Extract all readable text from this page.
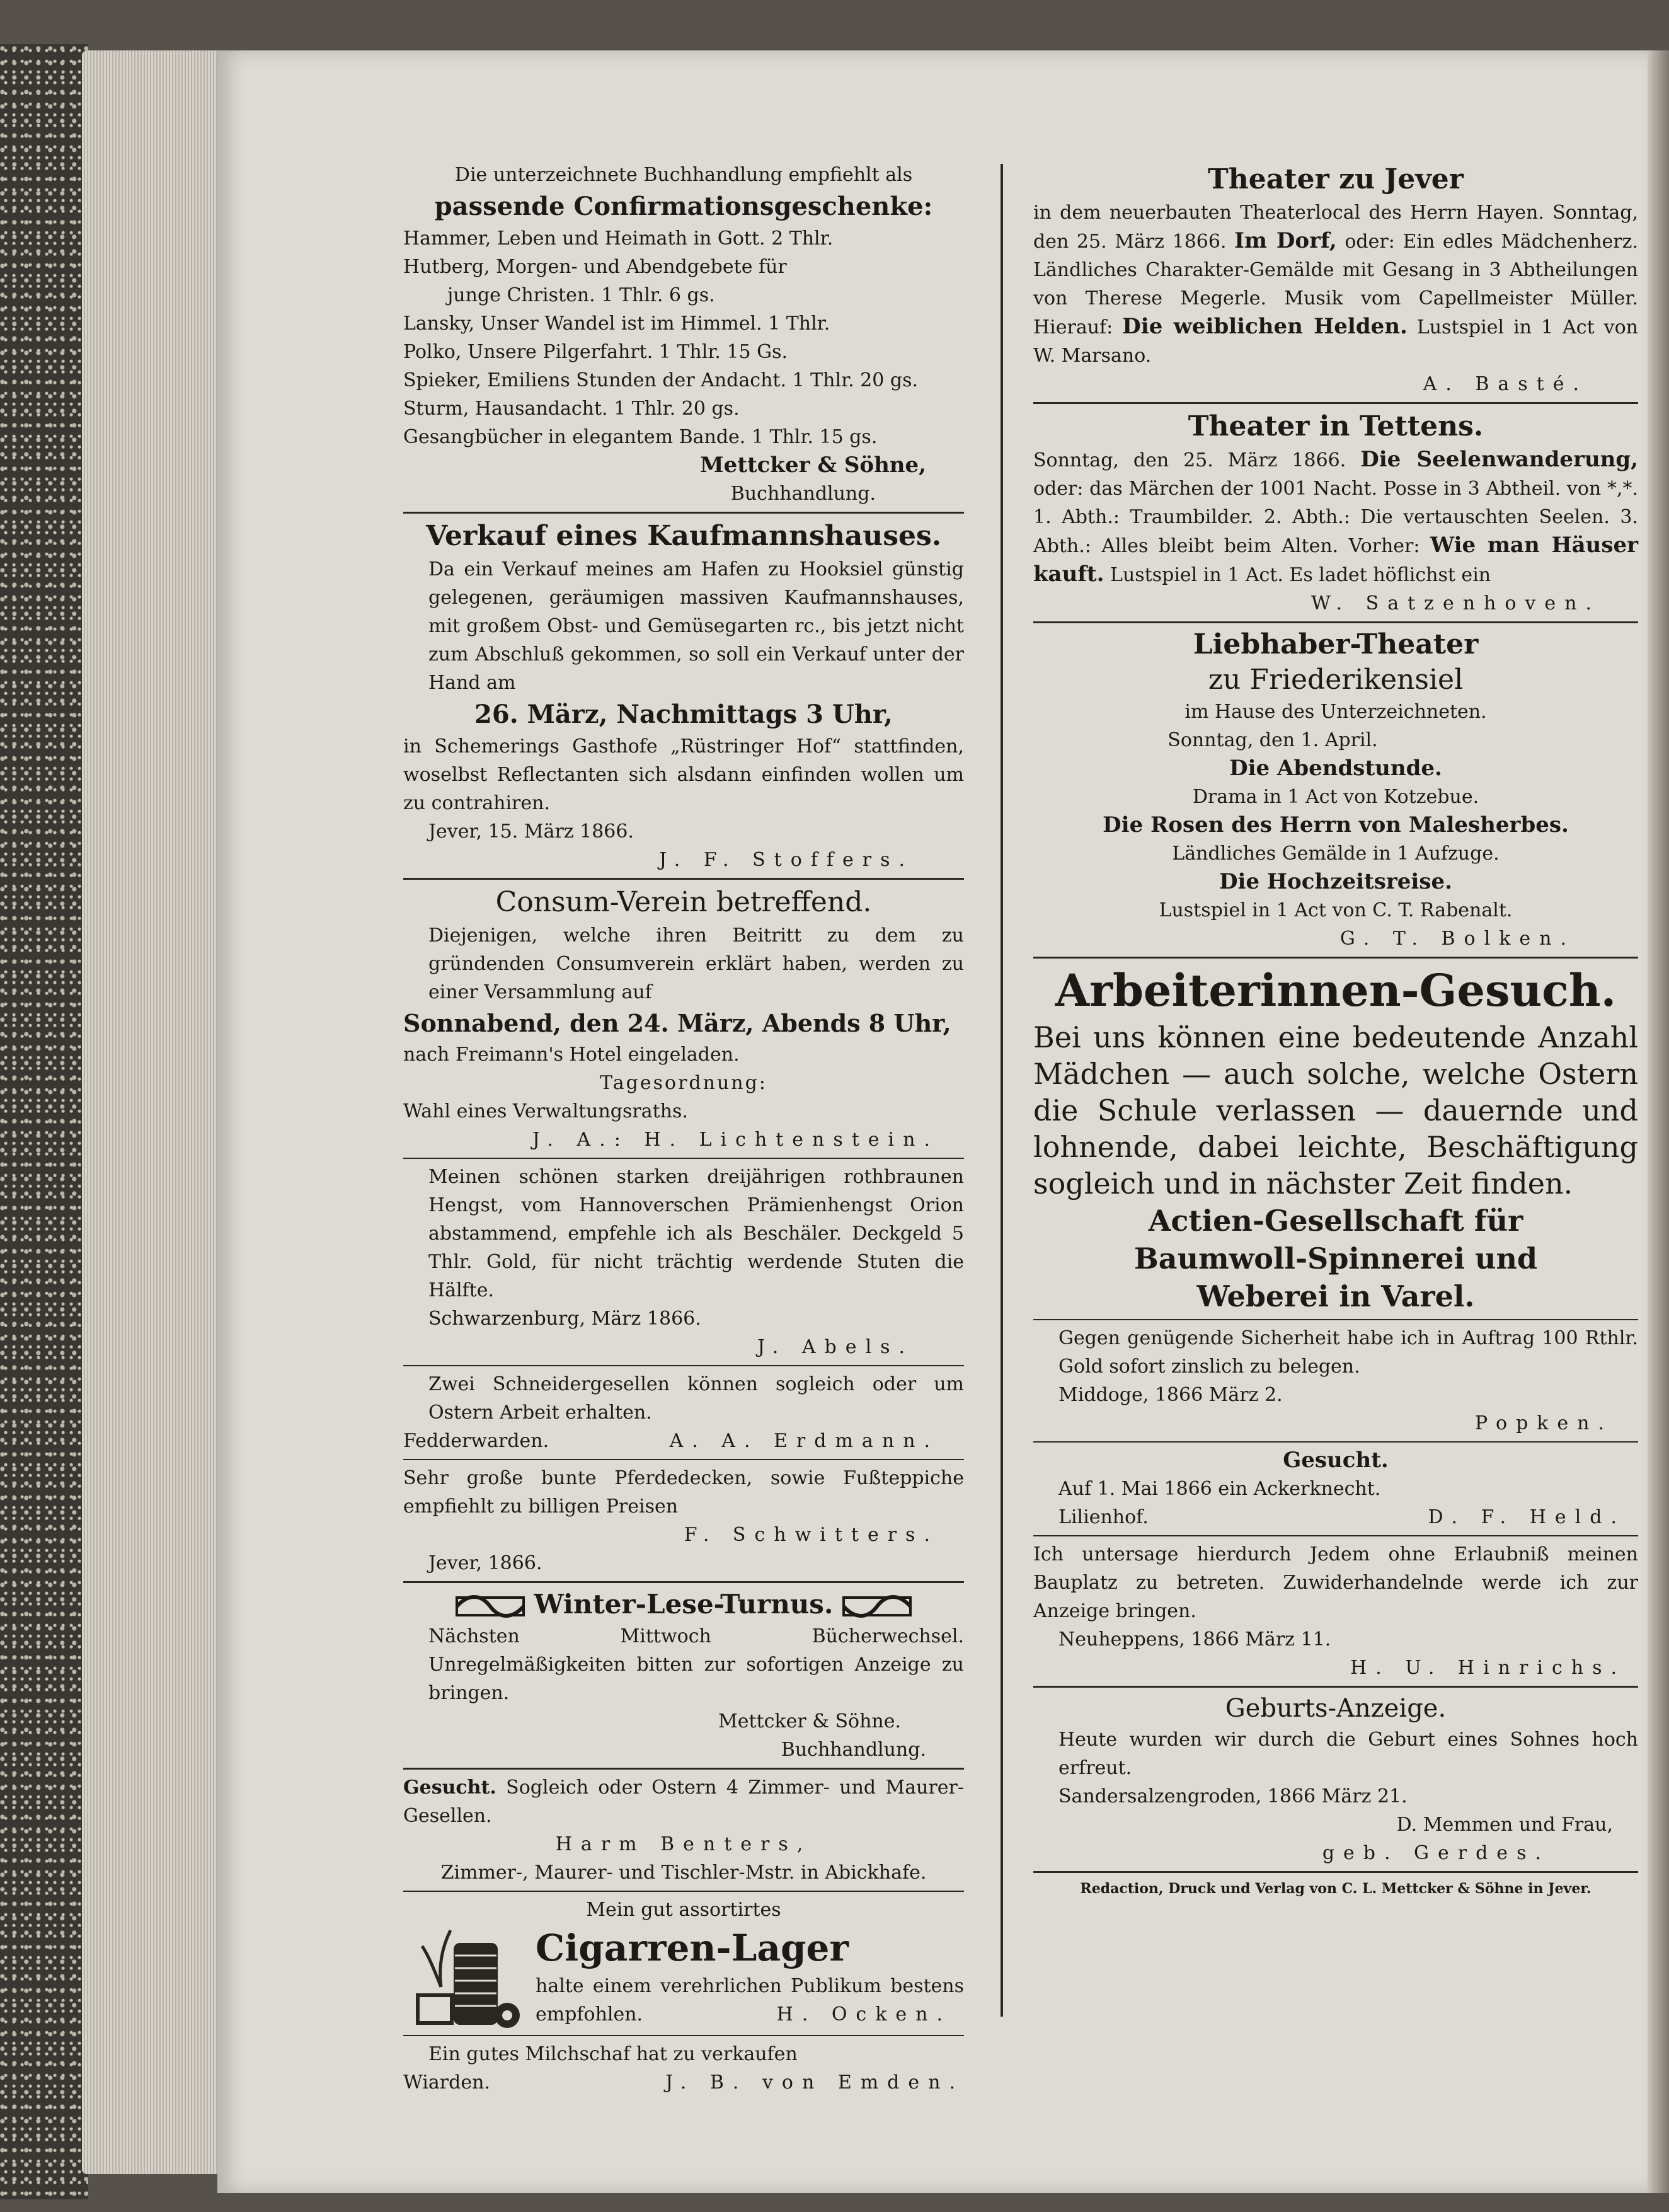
Die unterzeichnete Buchhandlung empfiehlt als

passende Confirmationsgeschenke:

Hammer, Leben und Heimath in Gott. 2 Thlr.

Hutberg, Morgen- und Abendgebete für

junge Christen. 1 Thlr. 6 gs.

Lansky, Unser Wandel ist im Himmel. 1 Thlr.

Polko, Unsere Pilgerfahrt. 1 Thlr. 15 Gs.

Spieker, Emiliens Stunden der Andacht. 1 Thlr. 20 gs.

Sturm, Hausandacht. 1 Thlr. 20 gs.

Gesangbücher in elegantem Bande. 1 Thlr. 15 gs.

Mettcker & Söhne,

Buchhandlung.

Verkauf eines Kaufmannshauses.

Da ein Verkauf meines am Hafen zu Hooksiel günstig gelegenen, geräumigen massiven Kaufmannshauses, mit großem Obst- und Gemüsegarten rc., bis jetzt nicht zum Abschluß gekommen, so soll ein Verkauf unter der Hand am

26. März, Nachmittags 3 Uhr,

in Schemerings Gasthofe „Rüstringer Hof“ stattfinden, woselbst Reflectanten sich alsdann einfinden wollen um zu contrahiren.

Jever, 15. März 1866.

J. F. Stoffers.

Consum-Verein betreffend.

Diejenigen, welche ihren Beitritt zu dem zu gründenden Consumverein erklärt haben, werden zu einer Versammlung auf

Sonnabend, den 24. März, Abends 8 Uhr,

nach Freimann's Hotel eingeladen.

Tagesordnung:

Wahl eines Verwaltungsraths.

J. A.: H. Lichtenstein.

Meinen schönen starken dreijährigen rothbraunen Hengst, vom Hannoverschen Prämienhengst Orion abstammend, empfehle ich als Beschäler. Deckgeld 5 Thlr. Gold, für nicht trächtig werdende Stuten die Hälfte.

Schwarzenburg, März 1866.

J. Abels.

Zwei Schneidergesellen können sogleich oder um Ostern Arbeit erhalten.

Fedderwarden.	A. A. Erdmann.

Sehr große bunte Pferdedecken, sowie Fußteppiche empfiehlt zu billigen Preisen

F. Schwitters.

Jever, 1866.

Winter-Lese-Turnus.

Nächsten Mittwoch Bücherwechsel. Unregelmäßigkeiten bitten zur sofortigen Anzeige zu bringen.

Mettcker & Söhne.

Buchhandlung.

Gesucht. Sogleich oder Ostern 4 Zimmer- und Maurer-Gesellen.

Harm Benters,

Zimmer-, Maurer- und Tischler-Mstr. in Abickhafe.

Mein gut assortirtes

Cigarren-Lager

halte einem verehrlichen Publikum bestens empfohlen.	H. Ocken.

Ein gutes Milchschaf hat zu verkaufen

Wiarden.	J. B. von Emden.

Theater zu Jever

in dem neuerbauten Theaterlocal des Herrn Hayen. Sonntag, den 25. März 1866. Im Dorf, oder: Ein edles Mädchenherz. Ländliches Charakter-Gemälde mit Gesang in 3 Abtheilungen von Therese Megerle. Musik vom Capellmeister Müller. Hierauf: Die weiblichen Helden. Lustspiel in 1 Act von W. Marsano.

A. Basté.

Theater in Tettens.

Sonntag, den 25. März 1866. Die Seelenwanderung, oder: das Märchen der 1001 Nacht. Posse in 3 Abtheil. von *,*. 1. Abth.: Traumbilder. 2. Abth.: Die vertauschten Seelen. 3. Abth.: Alles bleibt beim Alten. Vorher: Wie man Häuser kauft. Lustspiel in 1 Act. Es ladet höflichst ein

W. Satzenhoven.

Liebhaber-Theater

zu Friederikensiel

im Hause des Unterzeichneten.

Sonntag, den 1. April.

Die Abendstunde.

Drama in 1 Act von Kotzebue.

Die Rosen des Herrn von Malesherbes.

Ländliches Gemälde in 1 Aufzuge.

Die Hochzeitsreise.

Lustspiel in 1 Act von C. T. Rabenalt.

G. T. Bolken.

Arbeiterinnen-Gesuch.

Bei uns können eine bedeutende Anzahl Mädchen — auch solche, welche Ostern die Schule verlassen — dauernde und lohnende, dabei leichte, Beschäftigung sogleich und in nächster Zeit finden.

Actien-Gesellschaft für

Baumwoll-Spinnerei und

Weberei in Varel.

Gegen genügende Sicherheit habe ich in Auftrag 100 Rthlr. Gold sofort zinslich zu belegen.

Middoge, 1866 März 2.

Popken.

Gesucht.

Auf 1. Mai 1866 ein Ackerknecht.

Lilienhof.	D. F. Held.

Ich untersage hierdurch Jedem ohne Erlaubniß meinen Bauplatz zu betreten. Zuwiderhandelnde werde ich zur Anzeige bringen.

Neuheppens, 1866 März 11.

H. U. Hinrichs.

Geburts-Anzeige.

Heute wurden wir durch die Geburt eines Sohnes hoch erfreut.

Sandersalzengroden, 1866 März 21.

D. Memmen und Frau,

geb. Gerdes.

Redaction, Druck und Verlag von C. L. Mettcker & Söhne in Jever.
